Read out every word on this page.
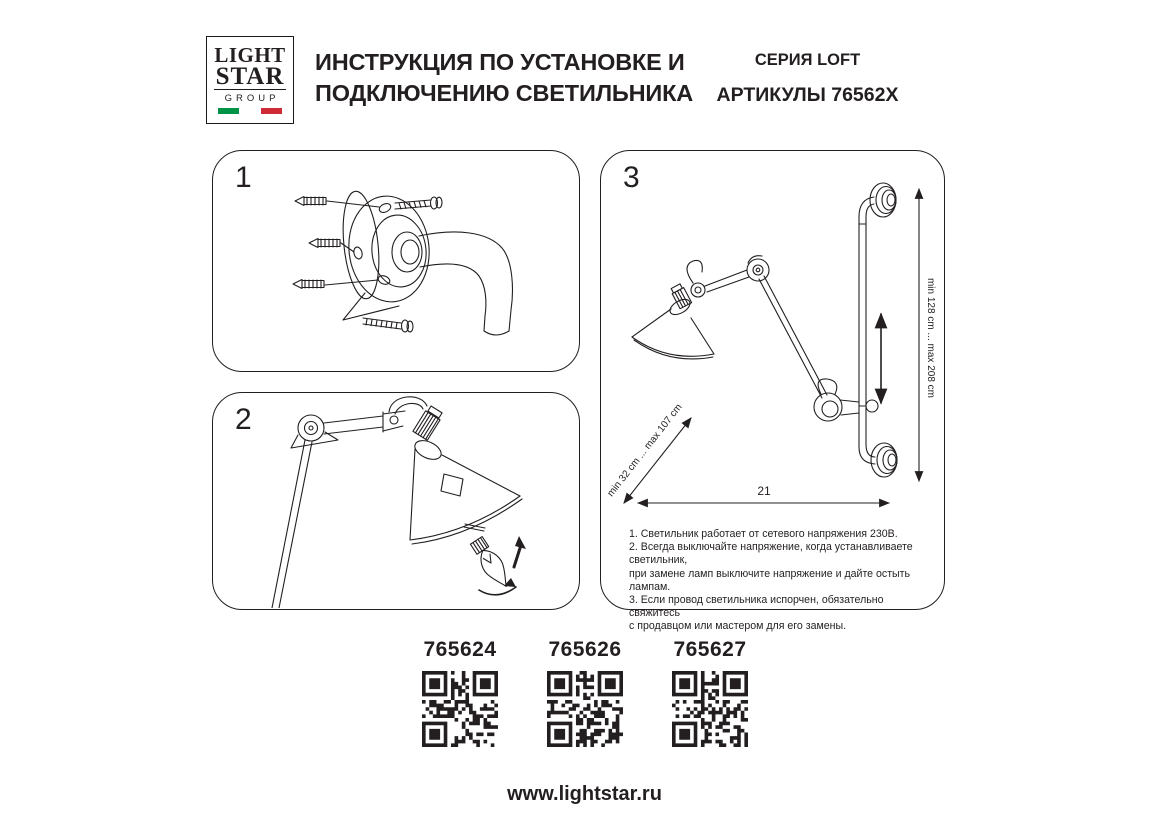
LIGHT
STAR
GROUP
ИНСТРУКЦИЯ ПО УСТАНОВКЕ И
ПОДКЛЮЧЕНИЮ СВЕТИЛЬНИКА
СЕРИЯ LOFT
АРТИКУЛЫ 76562X
1
2
3
min 128 cm ... max 208 cm
min 32 cm ... max 107 cm	21
1. Светильник работает от сетевого напряжения 230В.
2. Всегда выключайте напряжение, когда устанавливаете светильник,
при замене ламп выключите напряжение и дайте остыть лампам.
3. Если провод светильника испорчен, обязательно свяжитесь
с продавцом или мастером для его замены.
765624 765626 765627
www.lightstar.ru
